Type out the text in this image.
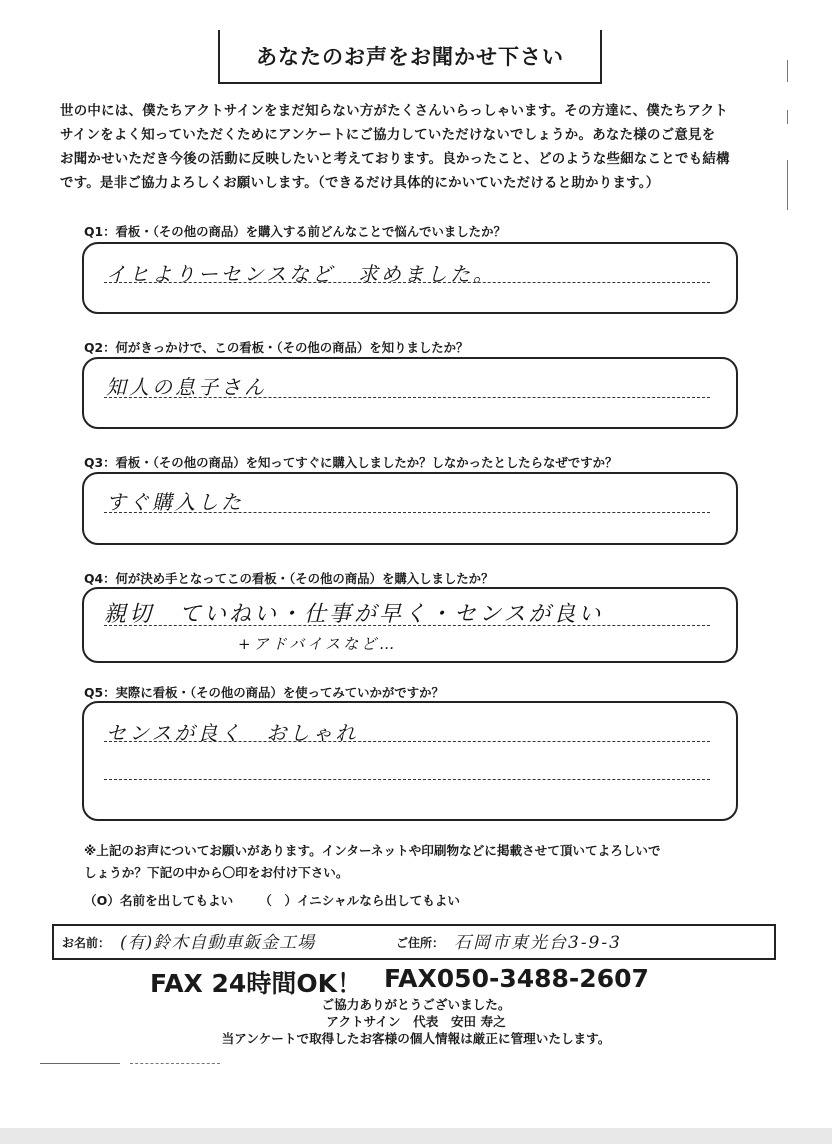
あなたのお声をお聞かせ下さい
世の中には、僕たちアクトサインをまだ知らない方がたくさんいらっしゃいます。その方達に、僕たちアクト
サインをよく知っていただくためにアンケートにご協力していただけないでしょうか。あなた様のご意見を
お聞かせいただき今後の活動に反映したいと考えております。良かったこと、どのような些細なことでも結構
です。是非ご協力よろしくお願いします。（できるだけ具体的にかいていただけると助かります。）
Q1：看板・（その他の商品）を購入する前どんなことで悩んでいましたか？
イヒよりーセンスなど　求めました。
Q2：何がきっかけで、この看板・（その他の商品）を知りましたか？
知人の息子さん
Q3：看板・（その他の商品）を知ってすぐに購入しましたか？しなかったとしたらなぜですか？
すぐ購入した
Q4：何が決め手となってこの看板・（その他の商品）を購入しましたか？
親切　ていねい・仕事が早く・センスが良い
+アドバイスなど…
Q5：実際に看板・（その他の商品）を使ってみていかがですか？
センスが良く　おしゃれ
※上記のお声についてお願いがあります。インターネットや印刷物などに掲載させて頂いてよろしいで
しょうか？下記の中から〇印をお付け下さい。
（O）名前を出してもよい （　）イニシャルなら出してもよい
お名前： (有)鈴木自動車鈑金工場	ご住所： 石岡市東光台3-9-3
FAX 24時間OK！ FAX050-3488-2607
ご協力ありがとうございました。
アクトサイン　代表　安田 寿之
当アンケートで取得したお客様の個人情報は厳正に管理いたします。
